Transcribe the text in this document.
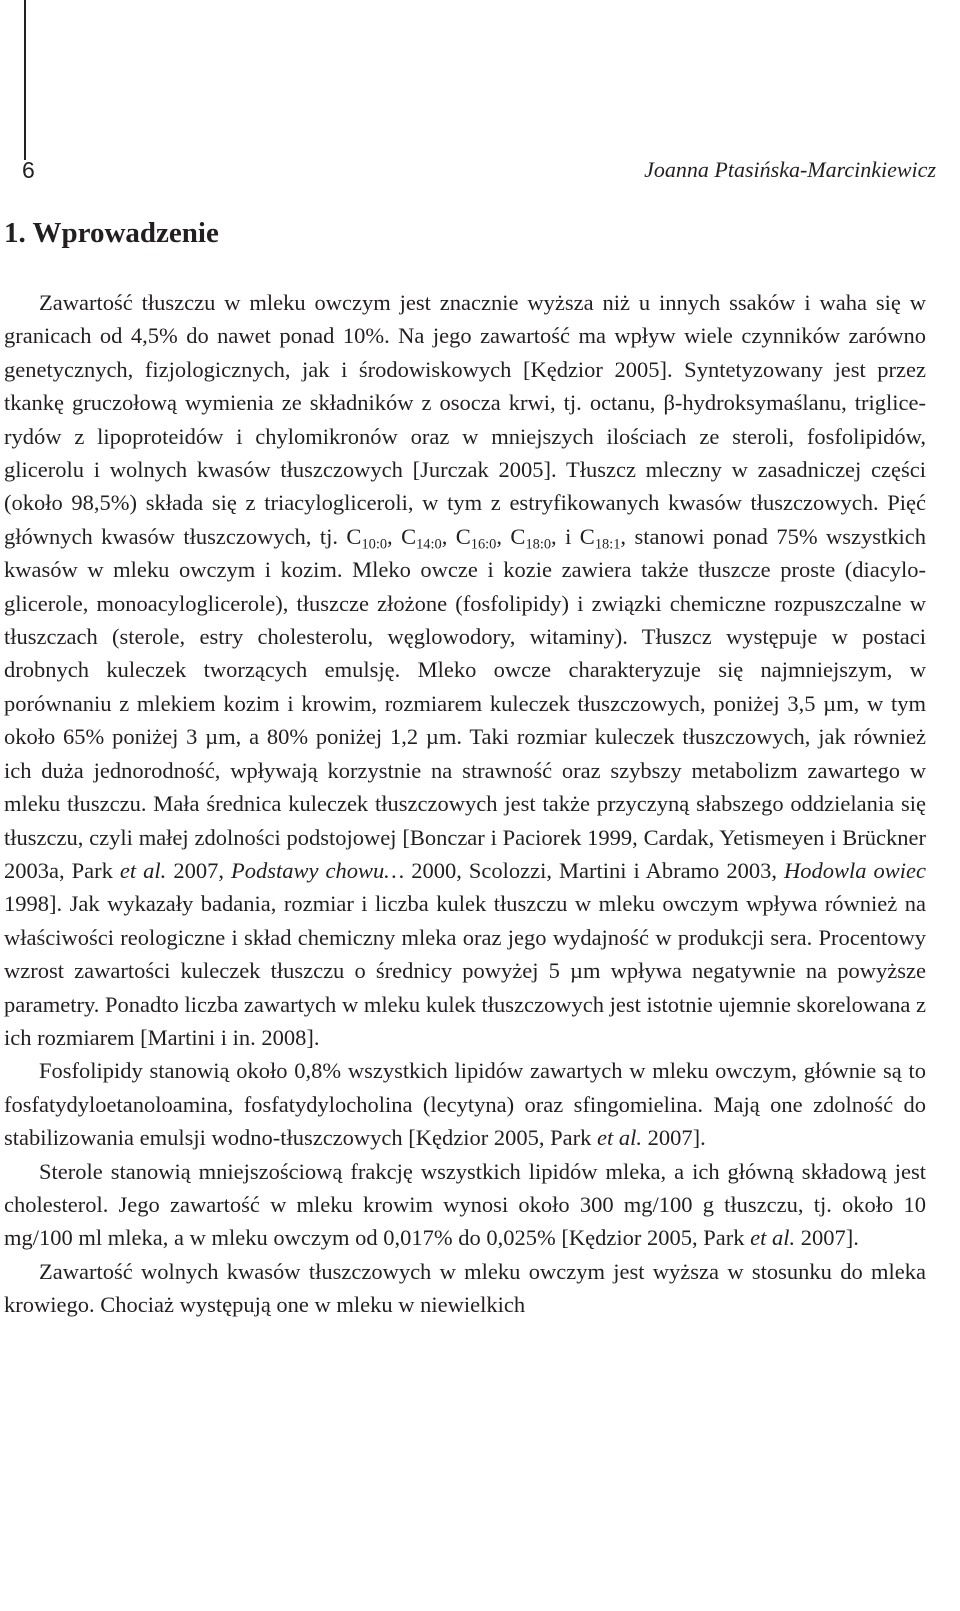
6	Joanna Ptasińska-Marcinkiewicz
1. Wprowadzenie

Zawartość tłuszczu w mleku owczym jest znacznie wyższa niż u innych ssaków i waha się w granicach od 4,5% do nawet ponad 10%. Na jego zawartość ma wpływ wiele czynników zarówno genetycznych, fizjologicznych, jak i środowiskowych [Kędzior 2005]. Syntetyzowany jest przez tkankę gruczołową wymienia ze składników z osocza krwi, tj. octanu, β-hydroksymaślanu, triglicerydów z lipoproteidów i chylomikronów oraz w mniejszych ilościach ze steroli, fosfolipidów, glicerolu i wolnych kwasów tłuszczowych [Jurczak 2005]. Tłuszcz mleczny w zasadniczej części (około 98,5%) składa się z triacylogliceroli, w tym z estryfikowanych kwasów tłuszczowych. Pięć głównych kwasów tłuszczowych, tj. $C_{10:0}$, $C_{14:0}$, $C_{16:0}$, $C_{18:0}$, i $C_{18:1}$, stanowi ponad 75% wszystkich kwasów w mleku owczym i kozim. Mleko owcze i kozie zawiera także tłuszcze proste (diacyloglicerole, monoacyloglicerole), tłuszcze złożone (fosfolipidy) i związki chemiczne rozpuszczalne w tłuszczach (sterole, estry cholesterolu, węglowodory, witaminy). Tłuszcz występuje w postaci drobnych kuleczek tworzących emulsję. Mleko owcze charakteryzuje się najmniejszym, w porównaniu z mlekiem kozim i krowim, rozmiarem kuleczek tłuszczowych, poniżej 3,5 µm, w tym około 65% poniżej 3 µm, a 80% poniżej 1,2 µm. Taki rozmiar kuleczek tłuszczowych, jak również ich duża jednorodność, wpływają korzystnie na strawność oraz szybszy metabolizm zawartego w mleku tłuszczu. Mała średnica kuleczek tłuszczowych jest także przyczyną słabszego oddzielania się tłuszczu, czyli małej zdolności podstojowej [Bonczar i Paciorek 1999, Cardak, Yetismeyen i Brückner 2003a, Park et al. 2007, Podstawy chowu… 2000, Scolozzi, Martini i Abramo 2003, Hodowla owiec 1998]. Jak wykazały badania, rozmiar i liczba kulek tłuszczu w mleku owczym wpływa również na właściwości reologiczne i skład chemiczny mleka oraz jego wydajność w produkcji sera. Procentowy wzrost zawartości kuleczek tłuszczu o średnicy powyżej 5 µm wpływa negatywnie na powyższe parametry. Ponadto liczba zawartych w mleku kulek tłuszczowych jest istotnie ujemnie skorelowana z ich rozmiarem [Martini i in. 2008].

Fosfolipidy stanowią około 0,8% wszystkich lipidów zawartych w mleku owczym, głównie są to fosfatydyloetanoloamina, fosfatydylocholina (lecytyna) oraz sfingomielina. Mają one zdolność do stabilizowania emulsji wodno-tłuszczowych [Kędzior 2005, Park et al. 2007].

Sterole stanowią mniejszościową frakcję wszystkich lipidów mleka, a ich główną składową jest cholesterol. Jego zawartość w mleku krowim wynosi około 300 mg/100 g tłuszczu, tj. około 10 mg/100 ml mleka, a w mleku owczym od 0,017% do 0,025% [Kędzior 2005, Park et al. 2007].

Zawartość wolnych kwasów tłuszczowych w mleku owczym jest wyższa w stosunku do mleka krowiego. Chociaż występują one w mleku w niewielkich
